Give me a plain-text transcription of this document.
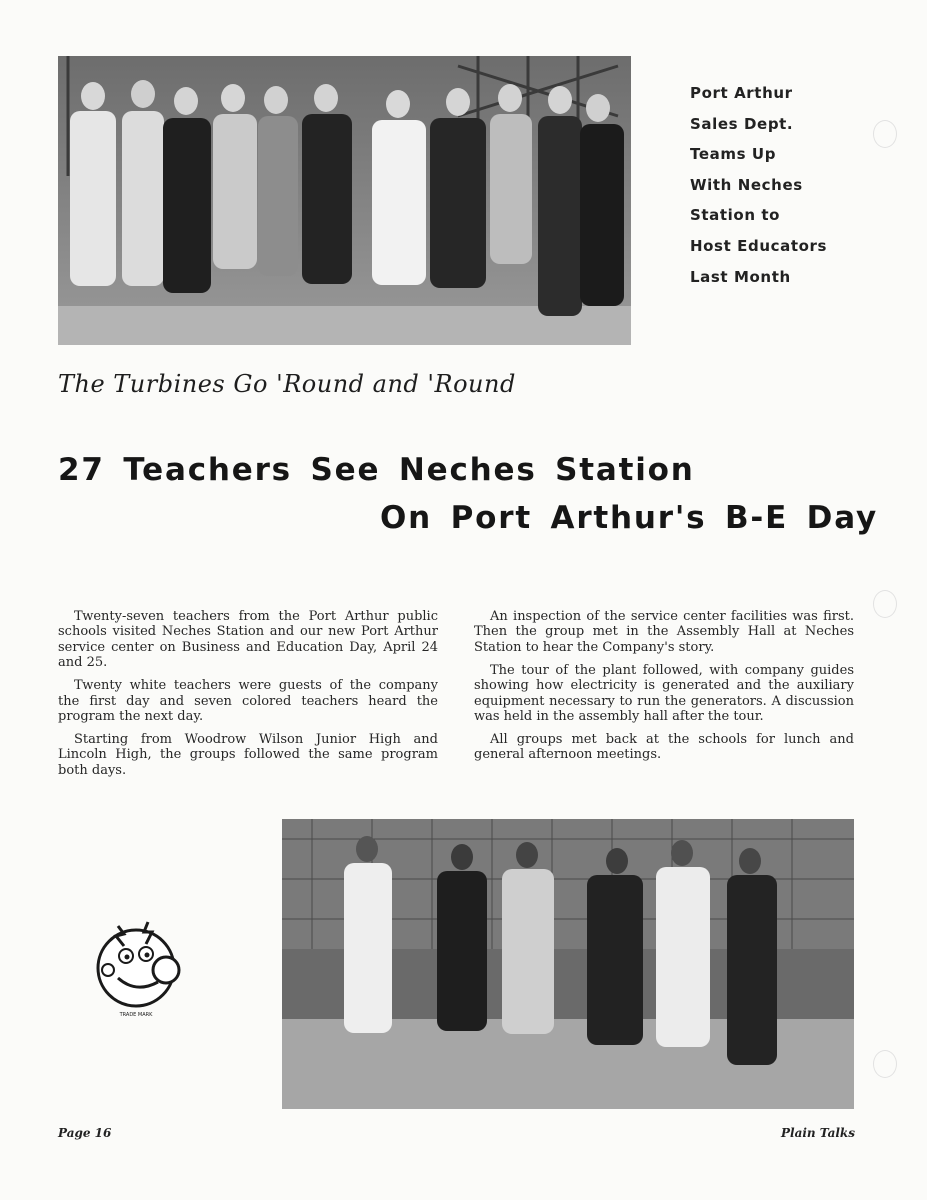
Port Arthur
Sales Dept.
Teams Up
With Neches
Station to
Host Educators
Last Month
The Turbines Go 'Round and 'Round
27 Teachers See Neches Station
On Port Arthur's B-E Day

Twenty-seven teachers from the Port Arthur public schools visited Neches Station and our new Port Arthur service center on Business and Education Day, April 24 and 25.

Twenty white teachers were guests of the company the first day and seven colored teachers heard the program the next day.

Starting from Woodrow Wilson Junior High and Lincoln High, the groups followed the same program both days.

An inspection of the service center facilities was first. Then the group met in the Assembly Hall at Neches Station to hear the Company's story.

The tour of the plant followed, with company guides showing how electricity is generated and the auxiliary equipment necessary to run the generators. A discussion was held in the assembly hall after the tour.

All groups met back at the schools for lunch and general afternoon meetings.

TRADE MARK
Page 16	Plain Talks
